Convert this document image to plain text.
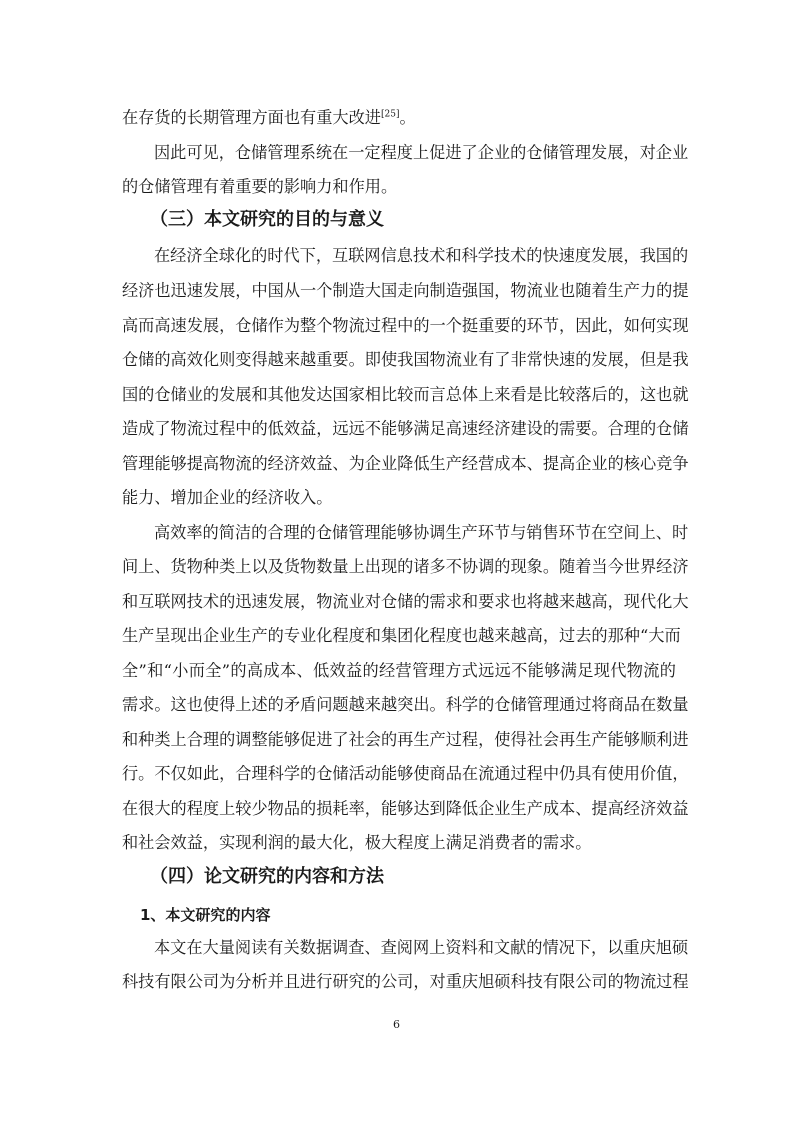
在存货的长期管理方面也有重大改进[25]。
因此可见，仓储管理系统在一定程度上促进了企业的仓储管理发展，对企业
的仓储管理有着重要的影响力和作用。
（三）本文研究的目的与意义
在经济全球化的时代下，互联网信息技术和科学技术的快速度发展，我国的
经济也迅速发展，中国从一个制造大国走向制造强国，物流业也随着生产力的提
高而高速发展，仓储作为整个物流过程中的一个挺重要的环节，因此，如何实现
仓储的高效化则变得越来越重要。即使我国物流业有了非常快速的发展，但是我
国的仓储业的发展和其他发达国家相比较而言总体上来看是比较落后的，这也就
造成了物流过程中的低效益，远远不能够满足高速经济建设的需要。合理的仓储
管理能够提高物流的经济效益、为企业降低生产经营成本、提高企业的核心竞争
能力、增加企业的经济收入。
高效率的简洁的合理的仓储管理能够协调生产环节与销售环节在空间上、时
间上、货物种类上以及货物数量上出现的诸多不协调的现象。随着当今世界经济
和互联网技术的迅速发展，物流业对仓储的需求和要求也将越来越高，现代化大
生产呈现出企业生产的专业化程度和集团化程度也越来越高，过去的那种“大而
全”和“小而全”的高成本、低效益的经营管理方式远远不能够满足现代物流的
需求。这也使得上述的矛盾问题越来越突出。科学的仓储管理通过将商品在数量
和种类上合理的调整能够促进了社会的再生产过程，使得社会再生产能够顺利进
行。不仅如此，合理科学的仓储活动能够使商品在流通过程中仍具有使用价值，
在很大的程度上较少物品的损耗率，能够达到降低企业生产成本、提高经济效益
和社会效益，实现利润的最大化，极大程度上满足消费者的需求。
（四）论文研究的内容和方法
1、本文研究的内容
本文在大量阅读有关数据调查、查阅网上资料和文献的情况下，以重庆旭硕
科技有限公司为分析并且进行研究的公司，对重庆旭硕科技有限公司的物流过程
6
